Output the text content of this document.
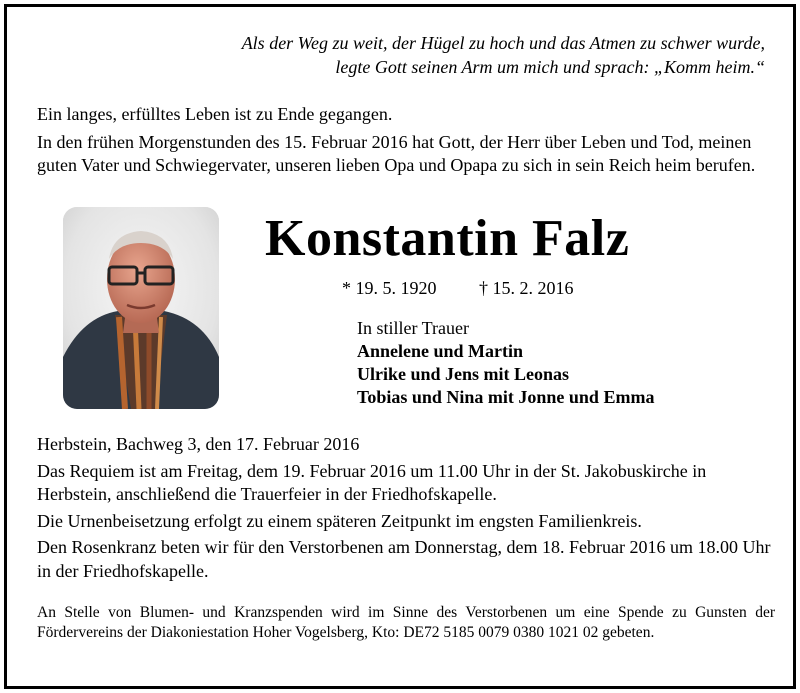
Als der Weg zu weit, der Hügel zu hoch und das Atmen zu schwer wurde,
legte Gott seinen Arm um mich und sprach: „Komm heim.“

Ein langes, erfülltes Leben ist zu Ende gegangen.

In den frühen Morgenstunden des 15. Februar 2016 hat Gott, der Herr über Leben und Tod, meinen guten Vater und Schwiegervater, unseren lieben Opa und Opapa zu sich in sein Reich heim berufen.

Konstantin Falz
* 19. 5. 1920 † 15. 2. 2016
In stiller Trauer
Annelene und Martin
Ulrike und Jens mit Leonas
Tobias und Nina mit Jonne und Emma

Herbstein, Bachweg 3, den 17. Februar 2016

Das Requiem ist am Freitag, dem 19. Februar 2016 um 11.00 Uhr in der St. Jakobuskirche in Herbstein, anschließend die Trauerfeier in der Friedhofskapelle.

Die Urnenbeisetzung erfolgt zu einem späteren Zeitpunkt im engsten Familienkreis.

Den Rosenkranz beten wir für den Verstorbenen am Donnerstag, dem 18. Februar 2016 um 18.00 Uhr in der Friedhofskapelle.

An Stelle von Blumen- und Kranzspenden wird im Sinne des Verstorbenen um eine Spende zu Gunsten der Fördervereins der Diakoniestation Hoher Vogelsberg, Kto: DE72 5185 0079 0380 1021 02 gebeten.
